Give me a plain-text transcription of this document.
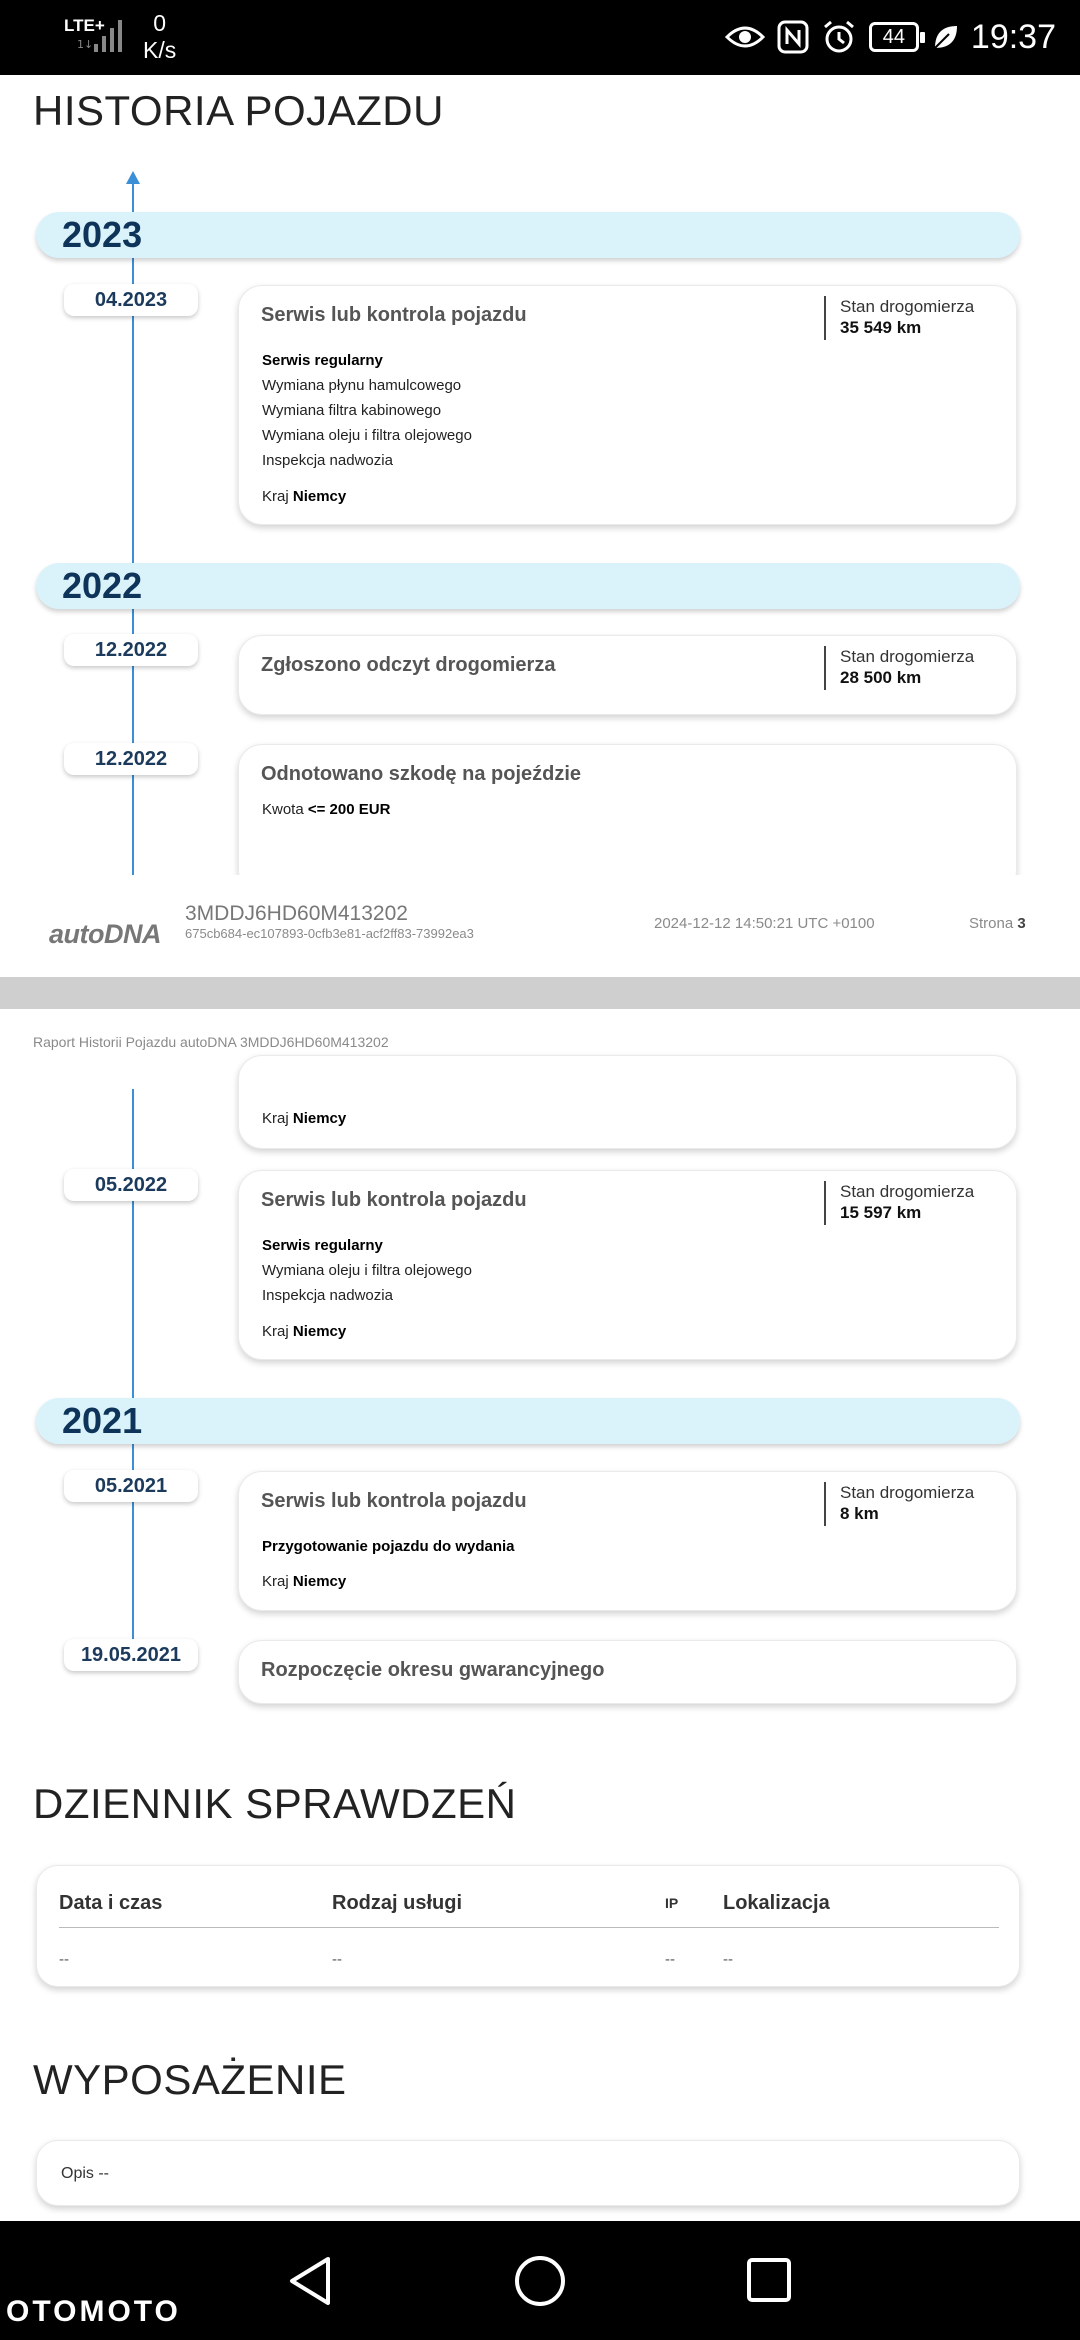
LTE+
1↓
0
K/s	44	19:37
HISTORIA POJAZDU
2023
04.2023
Serwis lub kontrola pojazdu	Stan drogomierza
35 549 km
Serwis regularny
Wymiana płynu hamulcowego
Wymiana filtra kabinowego
Wymiana oleju i filtra olejowego
Inspekcja nadwozia
Kraj Niemcy
2022
12.2022
Zgłoszono odczyt drogomierza	Stan drogomierza
28 500 km
12.2022
Odnotowano szkodę na pojeździe
Kwota <= 200 EUR
autoDNA
3MDDJ6HD60M413202
675cb684-ec107893-0cfb3e81-acf2ff83-73992ea3
2024-12-12 14:50:21 UTC +0100	Strona 3
Raport Historii Pojazdu autoDNA 3MDDJ6HD60M413202
Kraj Niemcy
05.2022
Serwis lub kontrola pojazdu	Stan drogomierza
15 597 km
Serwis regularny
Wymiana oleju i filtra olejowego
Inspekcja nadwozia
Kraj Niemcy
2021
05.2021
Serwis lub kontrola pojazdu	Stan drogomierza
8 km
Przygotowanie pojazdu do wydania
Kraj Niemcy
19.05.2021
Rozpoczęcie okresu gwarancyjnego
DZIENNIK SPRAWDZEŃ
Data i czas	Rodzaj usługi	IP Lokalizacja
--	--	--	--
WYPOSAŻENIE
Opis --
OTOMOTO
